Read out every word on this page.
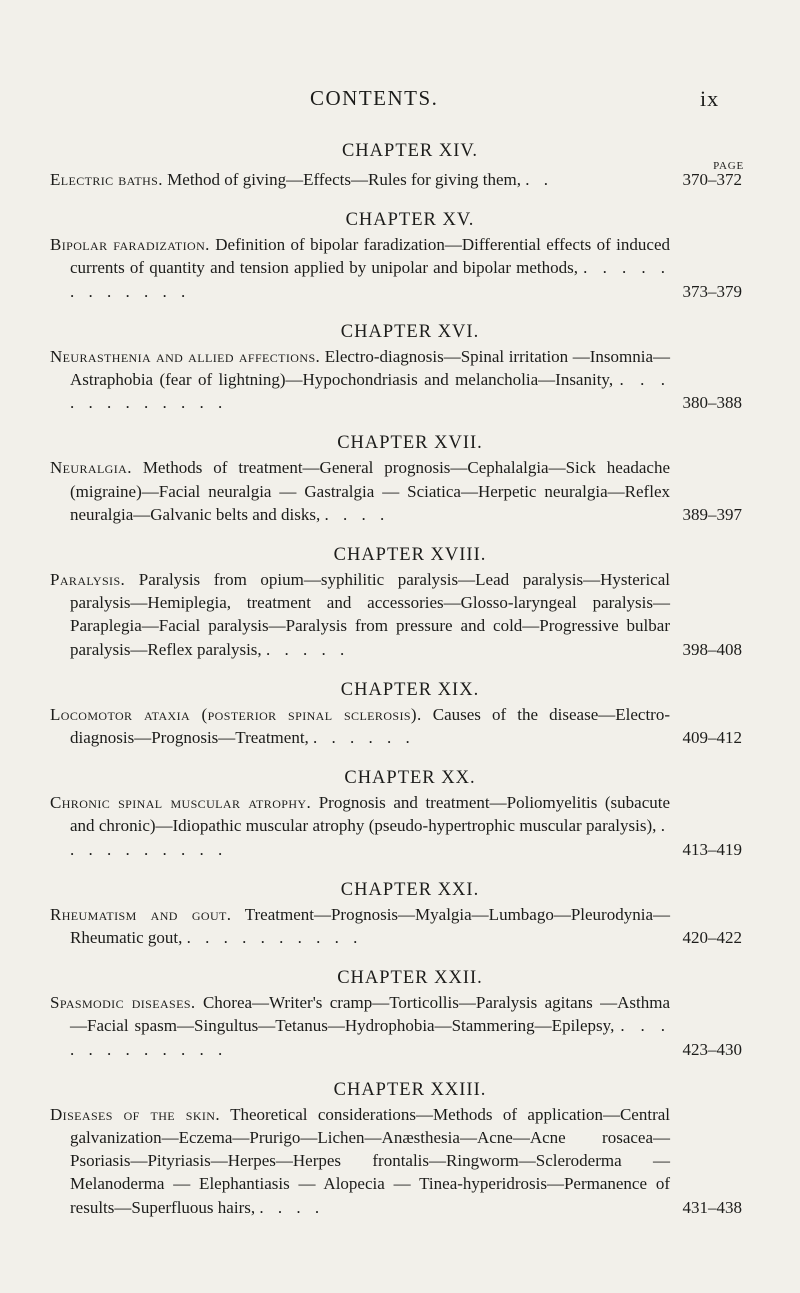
CONTENTS.	ix
CHAPTER XIV.
PAGE
Electric baths. Method of giving—Effects—Rules for giving them, . .	370–372
CHAPTER XV.
Bipolar faradization. Definition of bipolar faradization—Differential effects of induced currents of quantity and tension applied by unipolar and bipolar methods, . . . . . . . . . . . .	373–379
CHAPTER XVI.
Neurasthenia and allied affections. Electro-diagnosis—Spinal irritation —Insomnia—Astraphobia (fear of lightning)—Hypochondriasis and melancholia—Insanity, . . . . . . . . . . . .	380–388
CHAPTER XVII.
Neuralgia. Methods of treatment—General prognosis—Cephalalgia—Sick headache (migraine)—Facial neuralgia — Gastralgia — Sciatica—Herpetic neuralgia—Reflex neuralgia—Galvanic belts and disks, . . . .	389–397
CHAPTER XVIII.
Paralysis. Paralysis from opium—syphilitic paralysis—Lead paralysis—Hysterical paralysis—Hemiplegia, treatment and accessories—Glosso-laryngeal paralysis—Paraplegia—Facial paralysis—Paralysis from pressure and cold—Progressive bulbar paralysis—Reflex paralysis, . . . . .	398–408
CHAPTER XIX.
Locomotor ataxia (posterior spinal sclerosis). Causes of the disease—Electro-diagnosis—Prognosis—Treatment, . . . . . .	409–412
CHAPTER XX.
Chronic spinal muscular atrophy. Prognosis and treatment—Poliomyelitis (subacute and chronic)—Idiopathic muscular atrophy (pseudo-hypertrophic muscular paralysis), . . . . . . . . . .	413–419
CHAPTER XXI.
Rheumatism and gout. Treatment—Prognosis—Myalgia—Lumbago—Pleurodynia—Rheumatic gout, . . . . . . . . . .	420–422
CHAPTER XXII.
Spasmodic diseases. Chorea—Writer's cramp—Torticollis—Paralysis agitans —Asthma—Facial spasm—Singultus—Tetanus—Hydrophobia—Stammering—Epilepsy, . . . . . . . . . . . .	423–430
CHAPTER XXIII.
Diseases of the skin. Theoretical considerations—Methods of application—Central galvanization—Eczema—Prurigo—Lichen—Anæsthesia—Acne—Acne rosacea—Psoriasis—Pityriasis—Herpes—Herpes frontalis—Ringworm—Scleroderma — Melanoderma — Elephantiasis — Alopecia — Tinea-hyperidrosis—Permanence of results—Superfluous hairs, . . . .	431–438
